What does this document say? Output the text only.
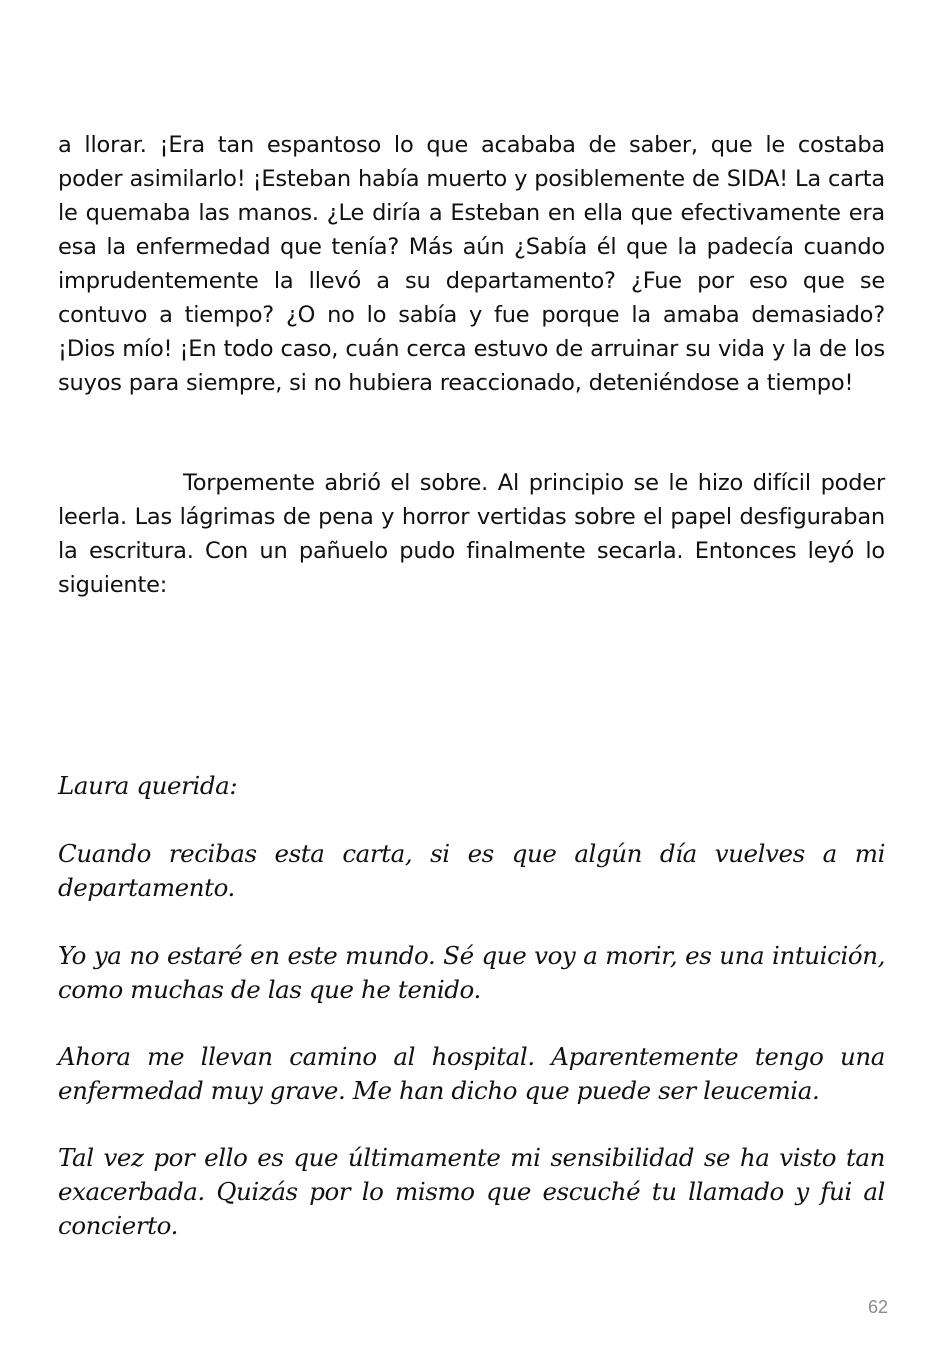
a llorar. ¡Era tan espantoso lo que acababa de saber, que le costaba poder asimilarlo! ¡Esteban había muerto y posiblemente de SIDA! La carta le quemaba las manos. ¿Le diría a Esteban en ella que efectivamente era esa la enfermedad que tenía? Más aún ¿Sabía él que la padecía cuando imprudentemente la llevó a su departamento? ¿Fue por eso que se contuvo a tiempo? ¿O no lo sabía y fue porque la amaba demasiado? ¡Dios mío! ¡En todo caso, cuán cerca estuvo de arruinar su vida y la de los suyos para siempre, si no hubiera reaccionado, deteniéndose a tiempo!

Torpemente abrió el sobre. Al principio se le hizo difícil poder leerla. Las lágrimas de pena y horror vertidas sobre el papel desfiguraban la escritura. Con un pañuelo pudo finalmente secarla. Entonces leyó lo siguiente:

Laura querida:

Cuando recibas esta carta, si es que algún día vuelves a mi departamento.

Yo ya no estaré en este mundo. Sé que voy a morir, es una intuición, como muchas de las que he tenido.

Ahora me llevan camino al hospital. Aparentemente tengo una enfermedad muy grave. Me han dicho que puede ser leucemia.

Tal vez por ello es que últimamente mi sensibilidad se ha visto tan exacerbada. Quizás por lo mismo que escuché tu llamado y fui al concierto.

62
